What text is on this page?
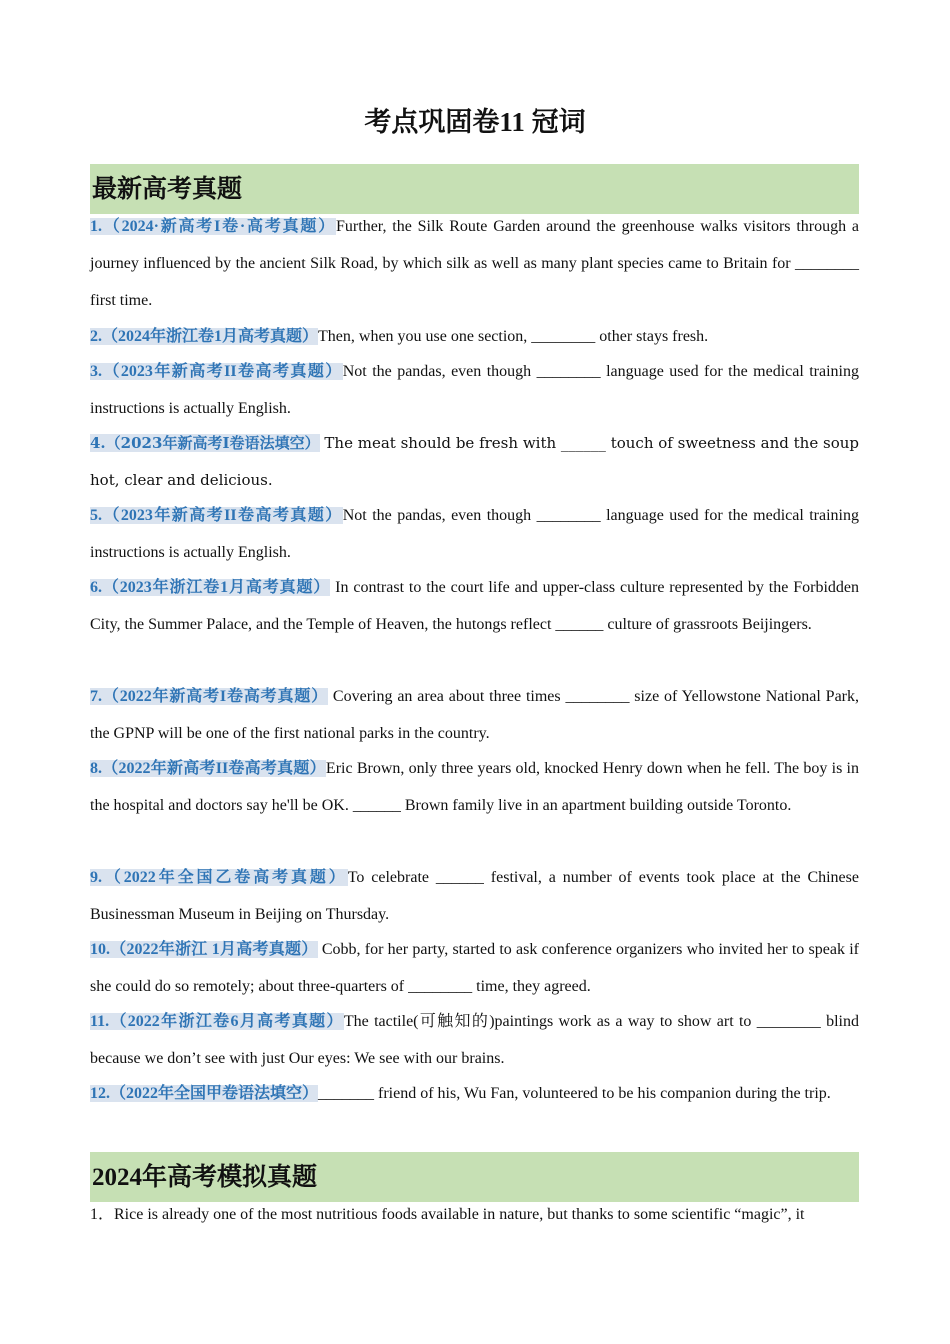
考点巩固卷11 冠词
最新高考真题

1.（2024·新高考I卷·高考真题）Further, the Silk Route Garden around the greenhouse walks visitors through a journey influenced by the ancient Silk Road, by which silk as well as many plant species came to Britain for ________ first time.

2.（2024年浙江卷1月高考真题）Then, when you use one section, ________ other stays fresh.

3.（2023年新高考II卷高考真题）Not the pandas, even though ________ language used for the medical training instructions is actually English.

4.（2023年新高考I卷语法填空） The meat should be fresh with ______ touch of sweetness and the soup hot, clear and delicious.

5.（2023年新高考II卷高考真题）Not the pandas, even though ________ language used for the medical training instructions is actually English.

6.（2023年浙江卷1月高考真题） In contrast to the court life and upper-class culture represented by the Forbidden City, the Summer Palace, and the Temple of Heaven, the hutongs reflect ______ culture of grassroots Beijingers.

7.（2022年新高考I卷高考真题） Covering an area about three times ________ size of Yellowstone National Park, the GPNP will be one of the first national parks in the country.

8.（2022年新高考II卷高考真题）Eric Brown, only three years old, knocked Henry down when he fell. The boy is in the hospital and doctors say he'll be OK. ______ Brown family live in an apartment building outside Toronto.

9.（2022年全国乙卷高考真题）To celebrate ______ festival, a number of events took place at the Chinese Businessman Museum in Beijing on Thursday.

10.（2022年浙江 1月高考真题） Cobb, for her party, started to ask conference organizers who invited her to speak if she could do so remotely; about three-quarters of ________ time, they agreed.

11.（2022年浙江卷6月高考真题）The tactile(可触知的)paintings work as a way to show art to ________ blind because we don’t see with just Our eyes: We see with our brains.

12.（2022年全国甲卷语法填空）_______ friend of his, Wu Fan, volunteered to be his companion during the trip.

2024年高考模拟真题

1．Rice is already one of the most nutritious foods available in nature, but thanks to some scientific “magic”, it
